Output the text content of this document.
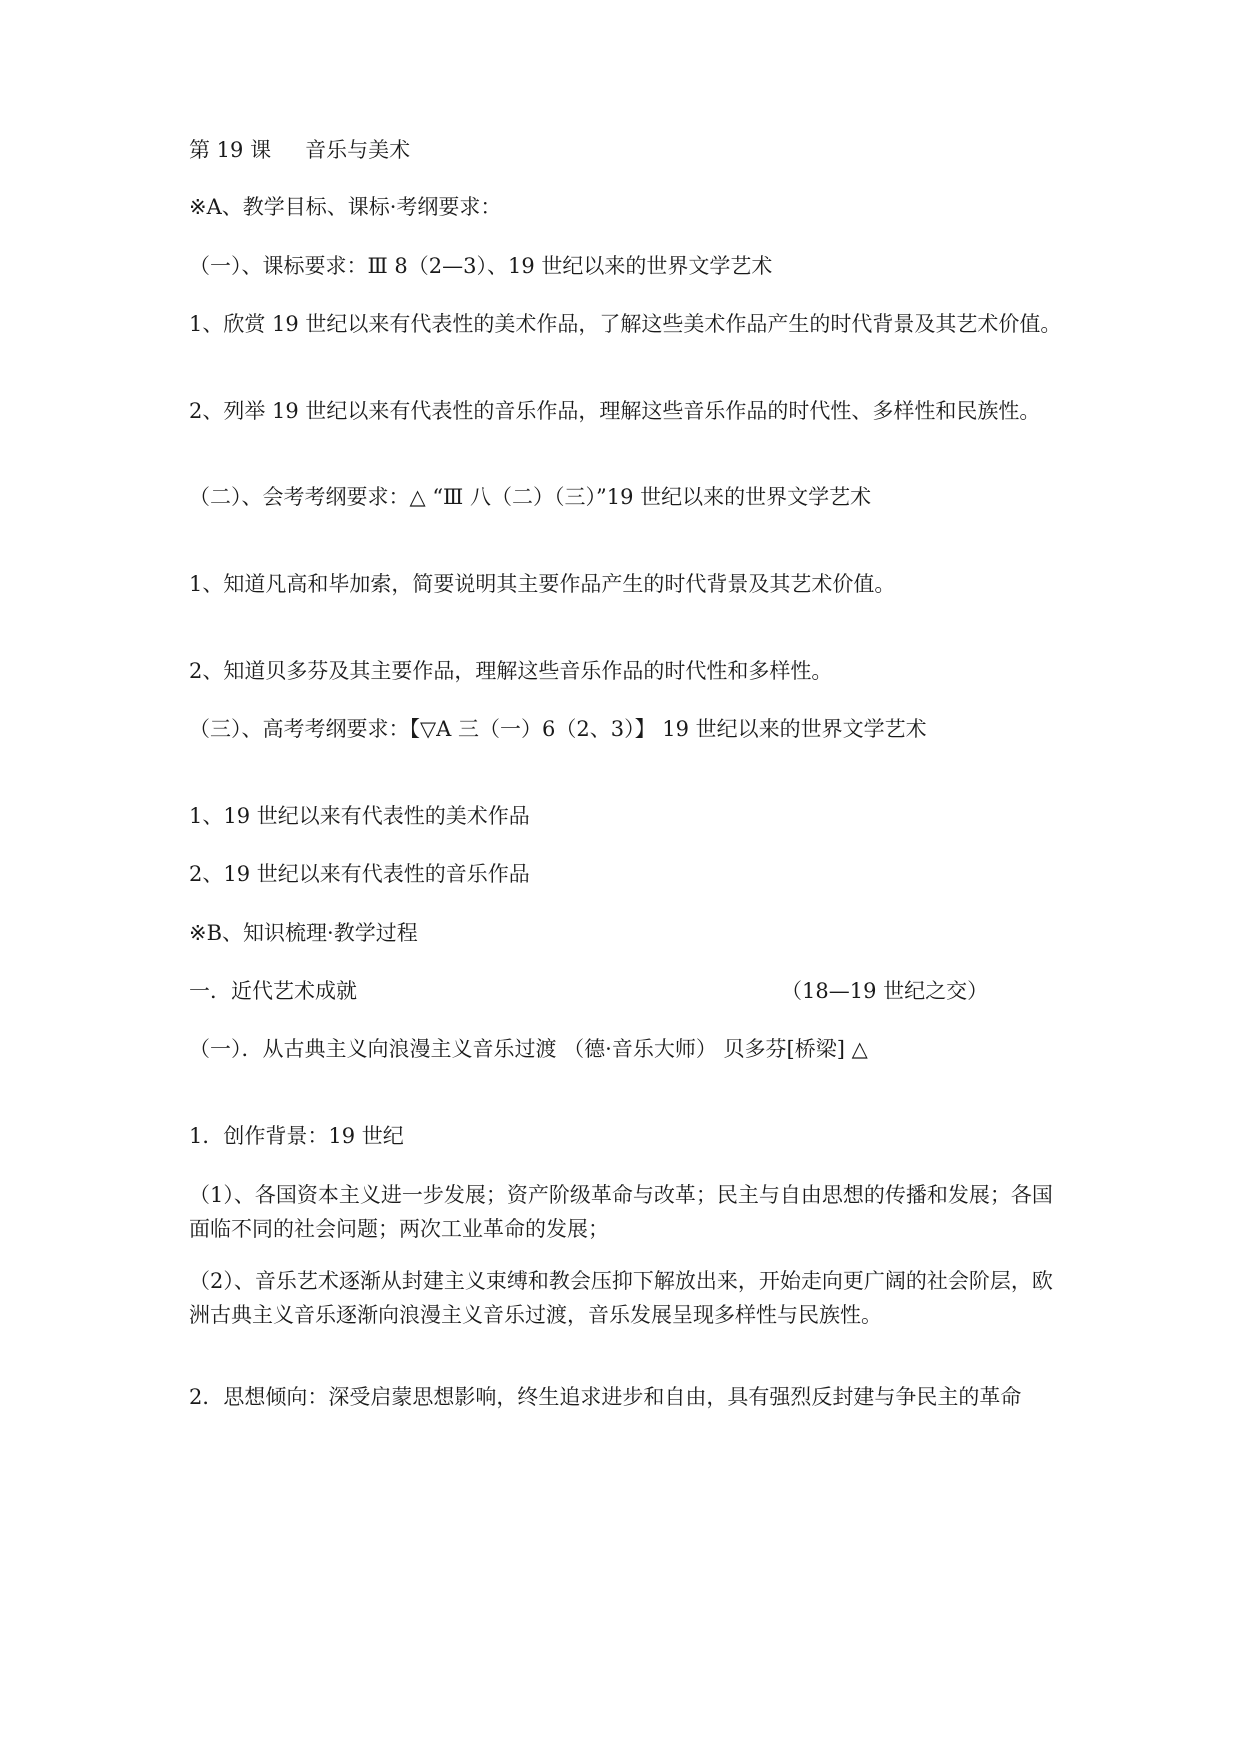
第 19 课 音乐与美术

※A、教学目标、课标·考纲要求：

（一）、课标要求：Ⅲ 8（2—3）、19 世纪以来的世界文学艺术

1、欣赏 19 世纪以来有代表性的美术作品，了解这些美术作品产生的时代背景及其艺术价值。

2、列举 19 世纪以来有代表性的音乐作品，理解这些音乐作品的时代性、多样性和民族性。

（二）、会考考纲要求：△ “Ⅲ 八（二）（三）”19 世纪以来的世界文学艺术

1、知道凡高和毕加索，简要说明其主要作品产生的时代背景及其艺术价值。

2、知道贝多芬及其主要作品，理解这些音乐作品的时代性和多样性。

（三）、高考考纲要求：【▽A 三（一）6（2、3）】 19 世纪以来的世界文学艺术

1、19 世纪以来有代表性的美术作品

2、19 世纪以来有代表性的音乐作品

※B、知识梳理·教学过程

一．近代艺术成就	（18—19 世纪之交）

（一）．从古典主义向浪漫主义音乐过渡 （德·音乐大师） 贝多芬[桥梁] △

1．创作背景：19 世纪

（1）、各国资本主义进一步发展；资产阶级革命与改革；民主与自由思想的传播和发展；各国面临不同的社会问题；两次工业革命的发展；

（2）、音乐艺术逐渐从封建主义束缚和教会压抑下解放出来，开始走向更广阔的社会阶层，欧洲古典主义音乐逐渐向浪漫主义音乐过渡，音乐发展呈现多样性与民族性。

2．思想倾向：深受启蒙思想影响，终生追求进步和自由，具有强烈反封建与争民主的革命
